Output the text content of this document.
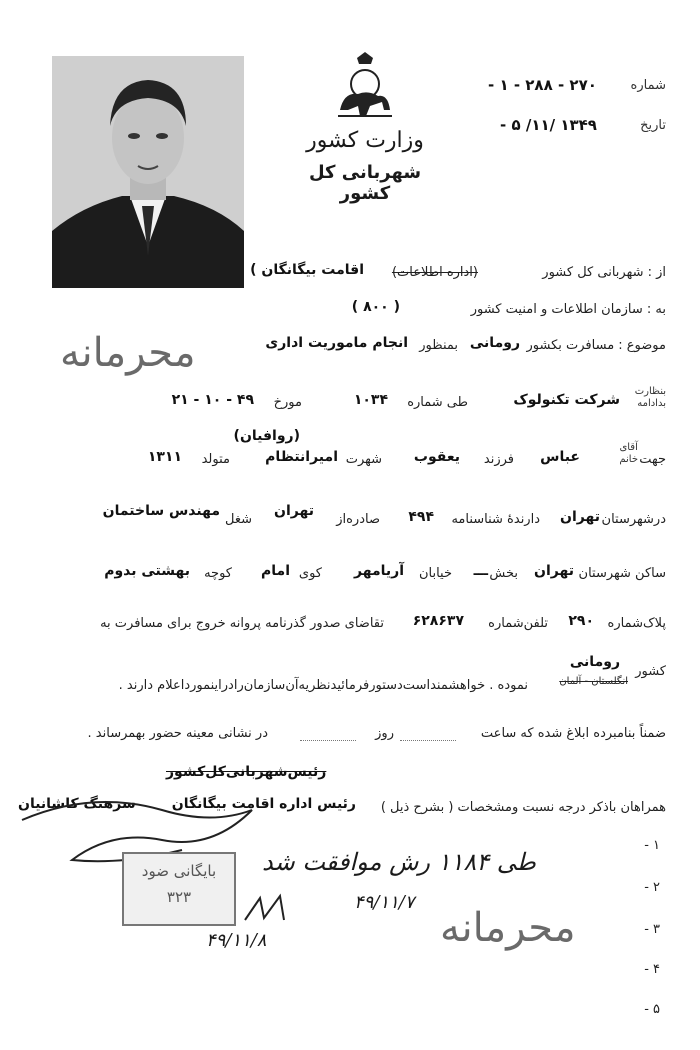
وزارت کشور
شهربانی کل کشور
شماره
۲۷۰ - ۲۸۸ - ۱ -
تاریخ
۱۳۴۹ /۱۱/ ۵ -
از : شهربانی کل کشور
(اداره اطلاعات)
اقامت بیگانگان )
به : سازمان اطلاعات و امنیت کشور
( ۸۰۰ )
موضوع : مسافرت بکشور
رومانی
بمنظور
انجام ماموریت اداری
محرمانه
محرمانه
بنظارت
بدادامه
شرکت تکنولوک
طی شماره
۱۰۳۴
مورخ
۴۹ - ۱۰ - ۲۱
جهت
آقای
خانم
عباس
فرزند
یعقوب
شهرت
امیرانتظام
(روافیان)
متولد
۱۳۱۱
درشهرستان
تهران
دارندۀ شناسنامه
۴۹۴
صادره‌از
تهران
شغل
مهندس ساختمان
ساکن شهرستان
تهران
بخش
ـــ
خیابان
آریامهر
کوی
امام
کوچه
بهشتی بدوم
پلاک‌شماره
۲۹۰
تلفن‌شماره
۶۲۸۶۳۷
تقاضای صدور گذرنامه پروانه خروج برای مسافرت به
کشور
رومانی
انگلستان - آلمان
نموده . خواهشمنداست‌دستورفرمائیدنظریه‌آن‌سازمان‌رادراینمورد‌اعلام دارند .
ضمناً بنامبرده ابلاغ شده که ساعت
روز
در نشانی معینه حضور بهمرساند .
رئیس‌شهربانی‌کل‌کشور
رئیس اداره اقامت بیگانگان
سرهنگ کاشانیان	همراهان باذکر درجه نسبت ومشخصات ( بشرح ذیل )
۱ -
۲ -
۳ -
۴ -
۵ -
بایگانی ضود
۳۲۳
طی ۱۱۸۴ رش موافقت شد
۴۹/۱۱/۷
۴۹/۱۱/۸
